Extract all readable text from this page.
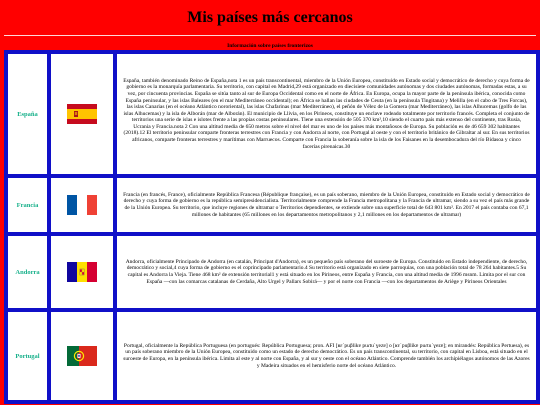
Mis países más cercanos
Información sobre países fronterizos
España
España, también denominado Reino de España,nota 1 es un país transcontinental, miembro de la Unión Europea, constituido en Estado social y democrático de derecho y cuya forma de gobierno es la monarquía parlamentaria. Su territorio, con capital en Madrid,29 está organizado en diecisiete comunidades autónomas y dos ciudades autónomas, formadas estas, a su vez, por cincuenta provincias. España se sitúa tanto al sur de Europa Occidental como en el norte de África. En Europa, ocupa la mayor parte de la península ibérica, conocida como España peninsular, y las islas Baleares (en el mar Mediterráneo occidental); en África se hallan las ciudades de Ceuta (en la península Tingitana) y Melilla (en el cabo de Tres Forcas), las islas Canarias (en el océano Atlántico nororiental), las islas Chafarinas (mar Mediterráneo), el peñón de Vélez de la Gomera (mar Mediterráneo), las islas Alhucemas (golfo de las islas Alhucemas) y la isla de Alborán (mar de Alborán). El municipio de Llivia, en los Pirineos, constituye un enclave rodeado totalmente por territorio francés. Completa el conjunto de territorios una serie de islas e islotes frente a las propias costas peninsulares. Tiene una extensión de 505 370 km²,10 siendo el cuarto país más extenso del continente, tras Rusia, Ucrania y Francia.nota 2 Con una altitud media de 650 metros sobre el nivel del mar es uno de los países más montañosos de Europa. Su población es de 46 659 302 habitantes (2018).12 El territorio peninsular comparte fronteras terrestres con Francia y con Andorra al norte, con Portugal al oeste y con el territorio británico de Gibraltar al sur. En sus territorios africanos, comparte fronteras terrestres y marítimas con Marruecos. Comparte con Francia la soberanía sobre la isla de los Faisanes en la desembocadura del río Bidasoa y cinco facerías pirenaicas.30
Francia
Francia (en francés, France), oficialmente República Francesa (République française), es un país soberano, miembro de la Unión Europea, constituido en Estado social y democrático de derecho y cuya forma de gobierno es la república semipresidencialista. Territorialmente comprende la Francia metropolitana y la Francia de ultramar, siendo a su vez el país más grande de la Unión Europea. Su territorio, que incluye regiones de ultramar o Territorios dependientes, se extiende sobre una superficie total de 643 801 km². En 2017 el país contaba con 67,1 millones de habitantes (65 millones en los departamentos metropolitanos y 2,1 millones en los departamentos de ultramar)
Andorra
Andorra, oficialmente Principado de Andorra (en catalán, Principat d'Andorra), es un pequeño país soberano del suroeste de Europa. Constituido en Estado independiente, de derecho, democrático y social,4 cuya forma de gobierno es el coprincipado parlamentario.4 Su territorio está organizado en siete parroquias, con una población total de 78 264 habitantes.5 Su capital es Andorra la Vieja. Tiene 468 km² de extensión territorial1 y está situado en los Pirineos, entre España y Francia, con una altitud media de 1996 msnm. Limita por el sur con España —con las comarcas catalanas de Cerdaña, Alto Urgel y Pallars Sobirá— y por el norte con Francia —con los departamentos de Ariège y Pirineos Orientales
Portugal
Portugal, oficialmente la República Portuguesa (en portugués: República Portuguesa; pron. AFI [ʁɛˈpuβlikɐ puɾtuˈɣezɐ] o [ʁɛˈpuβlikɐ puɾtuˈɣezɐ]; en mirandés: República Pertuesa), es un país soberano miembro de la Unión Europea, constituido como un estado de derecho democrático. Es un país transcontinental, su territorio, con capital en Lisboa, está situado en el suroeste de Europa, en la península ibérica. Limita al este y al norte con España, y al sur y oeste con el océano Atlántico. Comprende también los archipiélagos autónomos de las Azores y Madeira situados en el hemisferio norte del océano Atlántico.
